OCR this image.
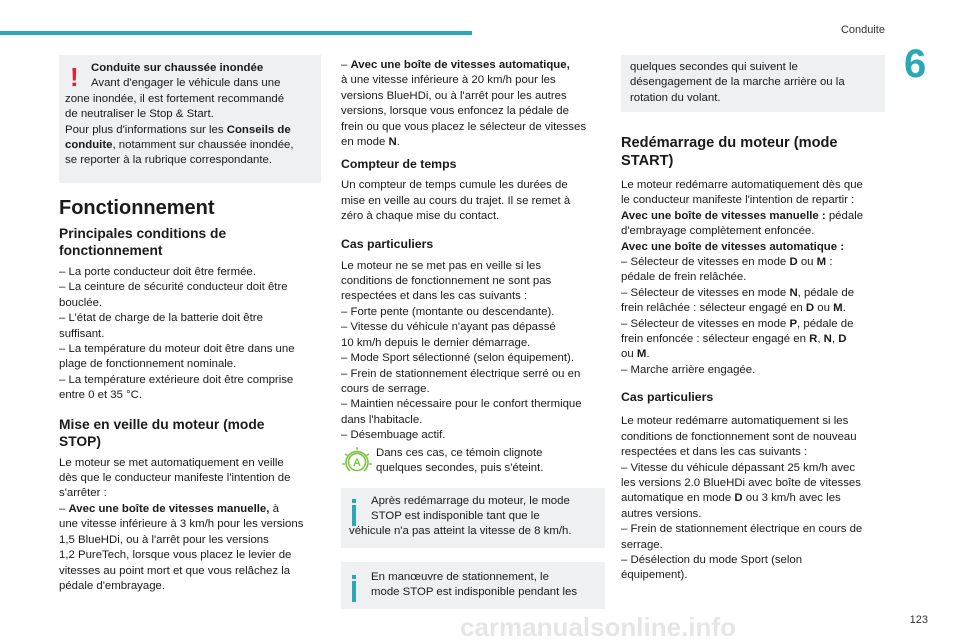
Conduite
6
!	Conduite sur chaussée inondée

Avant d'engager le véhicule dans une

zone inondée, il est fortement recommandé

de neutraliser le Stop & Start.

Pour plus d'informations sur les Conseils de

conduite, notamment sur chaussée inondée,

se reporter à la rubrique correspondante.

Fonctionnement
Principales conditions de fonctionnement

– La porte conducteur doit être fermée.

– La ceinture de sécurité conducteur doit être

bouclée.

– L’état de charge de la batterie doit être

suffisant.

– La température du moteur doit être dans une

plage de fonctionnement nominale.

– La température extérieure doit être comprise

entre 0 et 35 °C.

Mise en veille du moteur (mode
STOP)

Le moteur se met automatiquement en veille

dès que le conducteur manifeste l'intention de

s'arrêter :

– Avec une boîte de vitesses manuelle, à

une vitesse inférieure à 3 km/h pour les versions

1,5 BlueHDi, ou à l'arrêt pour les versions

1,2 PureTech, lorsque vous placez le levier de

vitesses au point mort et que vous relâchez la

pédale d'embrayage.

– Avec une boîte de vitesses automatique,

à une vitesse inférieure à 20 km/h pour les

versions BlueHDi, ou à l'arrêt pour les autres

versions, lorsque vous enfoncez la pédale de

frein ou que vous placez le sélecteur de vitesses

en mode N.

Compteur de temps

Un compteur de temps cumule les durées de

mise en veille au cours du trajet. Il se remet à

zéro à chaque mise du contact.

Cas particuliers

Le moteur ne se met pas en veille si les

conditions de fonctionnement ne sont pas

respectées et dans les cas suivants :

– Forte pente (montante ou descendante).

– Vitesse du véhicule n'ayant pas dépassé

10 km/h depuis le dernier démarrage.

– Mode Sport sélectionné (selon équipement).

– Frein de stationnement électrique serré ou en

cours de serrage.

– Maintien nécessaire pour le confort thermique

dans l'habitacle.

– Désembuage actif.

A

Dans ces cas, ce témoin clignote

quelques secondes, puis s'éteint.

Après redémarrage du moteur, le mode

STOP est indisponible tant que le

véhicule n'a pas atteint la vitesse de 8 km/h.

En manœuvre de stationnement, le

mode STOP est indisponible pendant les

quelques secondes qui suivent le

désengagement de la marche arrière ou la

rotation du volant.

Redémarrage du moteur (mode
START)

Le moteur redémarre automatiquement dès que

le conducteur manifeste l'intention de repartir :

Avec une boîte de vitesses manuelle : pédale

d'embrayage complètement enfoncée.

Avec une boîte de vitesses automatique :

– Sélecteur de vitesses en mode D ou M :

pédale de frein relâchée.

– Sélecteur de vitesses en mode N, pédale de

frein relâchée : sélecteur engagé en D ou M.

– Sélecteur de vitesses en mode P, pédale de

frein enfoncée : sélecteur engagé en R, N, D

ou M.

– Marche arrière engagée.

Cas particuliers

Le moteur redémarre automatiquement si les

conditions de fonctionnement sont de nouveau

respectées et dans les cas suivants :

– Vitesse du véhicule dépassant 25 km/h avec

les versions 2.0 BlueHDi avec boîte de vitesses

automatique en mode D ou 3 km/h avec les

autres versions.

– Frein de stationnement électrique en cours de

serrage.

– Désélection du mode Sport (selon

équipement).

123
carmanualsonline.info
